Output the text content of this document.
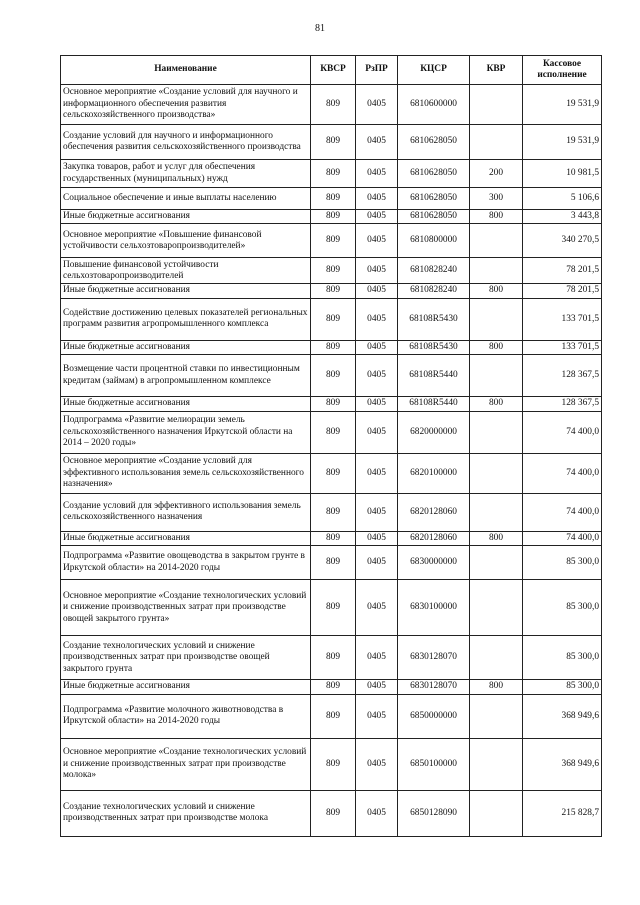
81
Наименование	КВСР	РзПР	КЦСР	КВР	Кассовое исполнение
Основное мероприятие «Создание условий для научного и информационного обеспечения развития сельскохозяйственного производства»	809	0405	6810600000		19 531,9
Создание условий для научного и информационного обеспечения развития сельскохозяйственного производства	809	0405	6810628050		19 531,9
Закупка товаров, работ и услуг для обеспечения государственных (муниципальных) нужд	809	0405	6810628050	200	10 981,5
Социальное обеспечение и иные выплаты населению	809	0405	6810628050	300	5 106,6
Иные бюджетные ассигнования	809	0405	6810628050	800	3 443,8
Основное мероприятие «Повышение финансовой устойчивости сельхозтоваропроизводителей»	809	0405	6810800000		340 270,5
Повышение финансовой устойчивости сельхозтоваропроизводителей	809	0405	6810828240		78 201,5
Иные бюджетные ассигнования	809	0405	6810828240	800	78 201,5
Содействие достижению целевых показателей региональных программ развития агропромышленного комплекса	809	0405	68108R5430		133 701,5
Иные бюджетные ассигнования	809	0405	68108R5430	800	133 701,5
Возмещение части процентной ставки по инвестиционным кредитам (займам) в агропромышленном комплексе	809	0405	68108R5440		128 367,5
Иные бюджетные ассигнования	809	0405	68108R5440	800	128 367,5
Подпрограмма «Развитие мелиорации земель сельскохозяйственного назначения Иркутской области на 2014 – 2020 годы»	809	0405	6820000000		74 400,0
Основное мероприятие «Создание условий для эффективного использования земель сельскохозяйственного назначения»	809	0405	6820100000		74 400,0
Создание условий для эффективного использования земель сельскохозяйственного назначения	809	0405	6820128060		74 400,0
Иные бюджетные ассигнования	809	0405	6820128060	800	74 400,0
Подпрограмма «Развитие овощеводства в закрытом грунте в Иркутской области» на 2014-2020 годы	809	0405	6830000000		85 300,0
Основное мероприятие «Создание технологических условий и снижение производственных затрат при производстве овощей закрытого грунта»	809	0405	6830100000		85 300,0
Создание технологических условий и снижение производственных затрат при производстве овощей закрытого грунта	809	0405	6830128070		85 300,0
Иные бюджетные ассигнования	809	0405	6830128070	800	85 300,0
Подпрограмма «Развитие молочного животноводства в Иркутской области» на 2014-2020 годы	809	0405	6850000000		368 949,6
Основное мероприятие «Создание технологических условий и снижение производственных затрат при производстве молока»	809	0405	6850100000		368 949,6
Создание технологических условий и снижение производственных затрат при производстве молока	809	0405	6850128090		215 828,7
